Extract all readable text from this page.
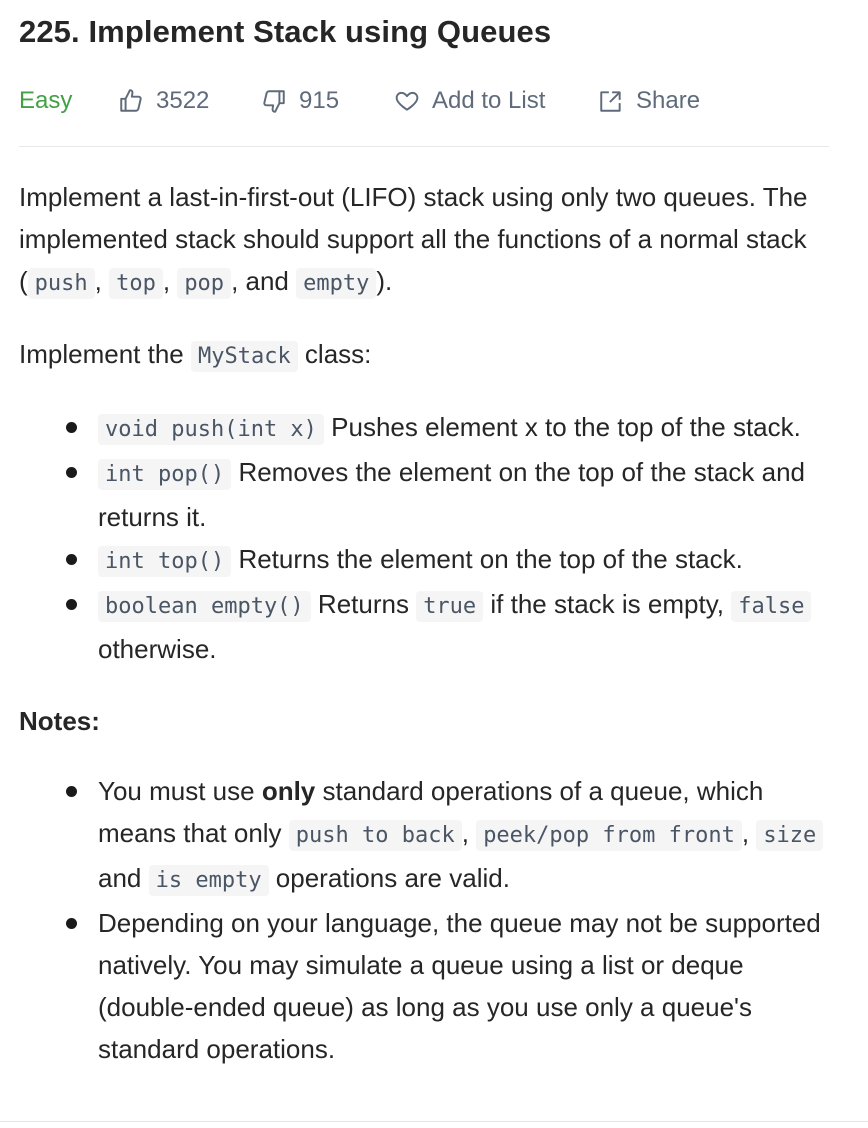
225. Implement Stack using Queues
Easy	3522	915	Add to List	Share

Implement a last-in-first-out (LIFO) stack using only two queues. The implemented stack should support all the functions of a normal stack ( push , top , pop , and empty ).

Implement the MyStack class:

void push(int x) Pushes element x to the top of the stack.
int pop() Removes the element on the top of the stack and returns it.
int top() Returns the element on the top of the stack.
boolean empty() Returns true if the stack is empty, false otherwise.

Notes:

You must use only standard operations of a queue, which means that only push to back , peek/pop from front , size and is empty operations are valid.
Depending on your language, the queue may not be supported natively. You may simulate a queue using a list or deque (double-ended queue) as long as you use only a queue's standard operations.
